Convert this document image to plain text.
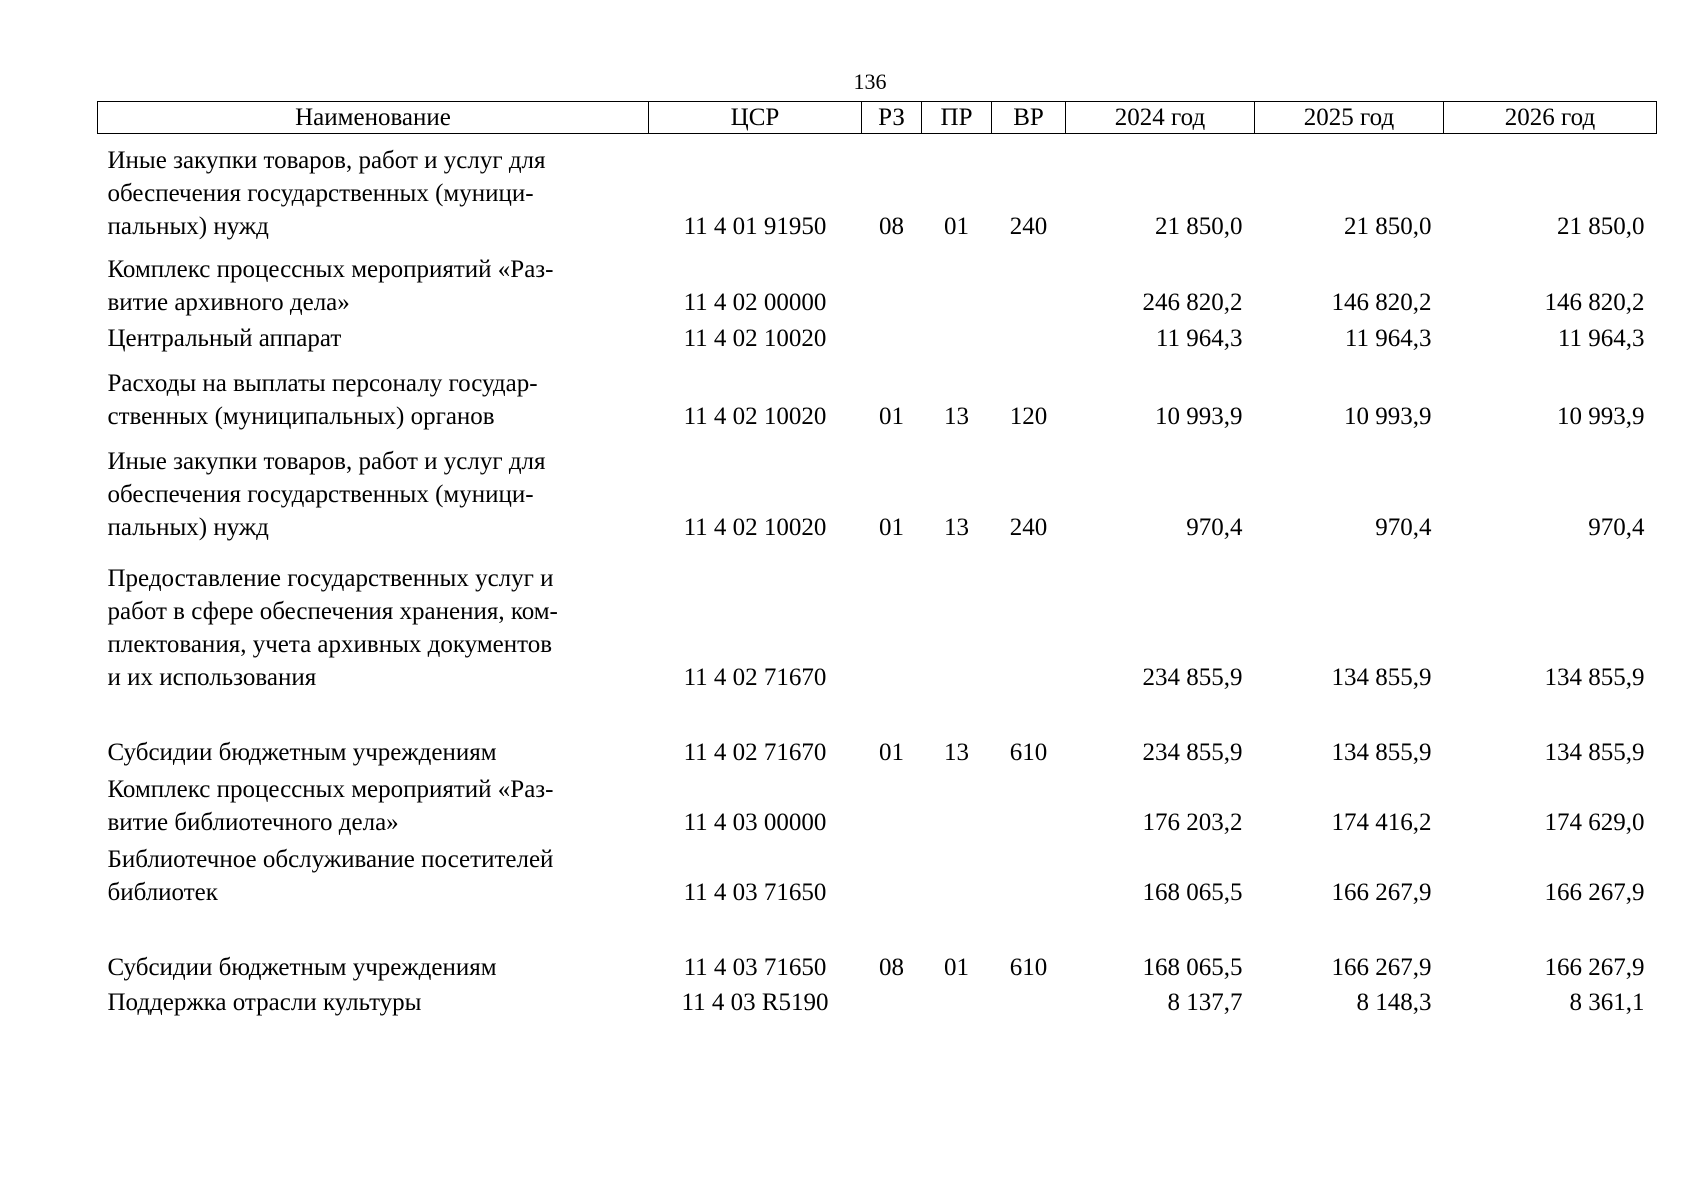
136
Наименование	ЦСР	РЗ	ПР	ВР	2024 год	2025 год	2026 год

Иные закупки товаров, работ и услуг для
обеспечения государственных (муници-
пальных) нужд	11 4 01 91950	08	01	240	21 850,0	21 850,0	21 850,0

Комплекс процессных мероприятий «Раз-
витие архивного дела»	11 4 02 00000				246 820,2	146 820,2	146 820,2

Центральный аппарат	11 4 02 10020				11 964,3	11 964,3	11 964,3

Расходы на выплаты персоналу государ-
ственных (муниципальных) органов	11 4 02 10020	01	13	120	10 993,9	10 993,9	10 993,9

Иные закупки товаров, работ и услуг для
обеспечения государственных (муници-
пальных) нужд	11 4 02 10020	01	13	240	970,4	970,4	970,4

Предоставление государственных услуг и
работ в сфере обеспечения хранения, ком-
плектования, учета архивных документов
и их использования	11 4 02 71670				234 855,9	134 855,9	134 855,9

Субсидии бюджетным учреждениям	11 4 02 71670	01	13	610	234 855,9	134 855,9	134 855,9

Комплекс процессных мероприятий «Раз-
витие библиотечного дела»	11 4 03 00000				176 203,2	174 416,2	174 629,0

Библиотечное обслуживание посетителей
библиотек	11 4 03 71650				168 065,5	166 267,9	166 267,9

Субсидии бюджетным учреждениям	11 4 03 71650	08	01	610	168 065,5	166 267,9	166 267,9

Поддержка отрасли культуры	11 4 03 R5190				8 137,7	8 148,3	8 361,1
